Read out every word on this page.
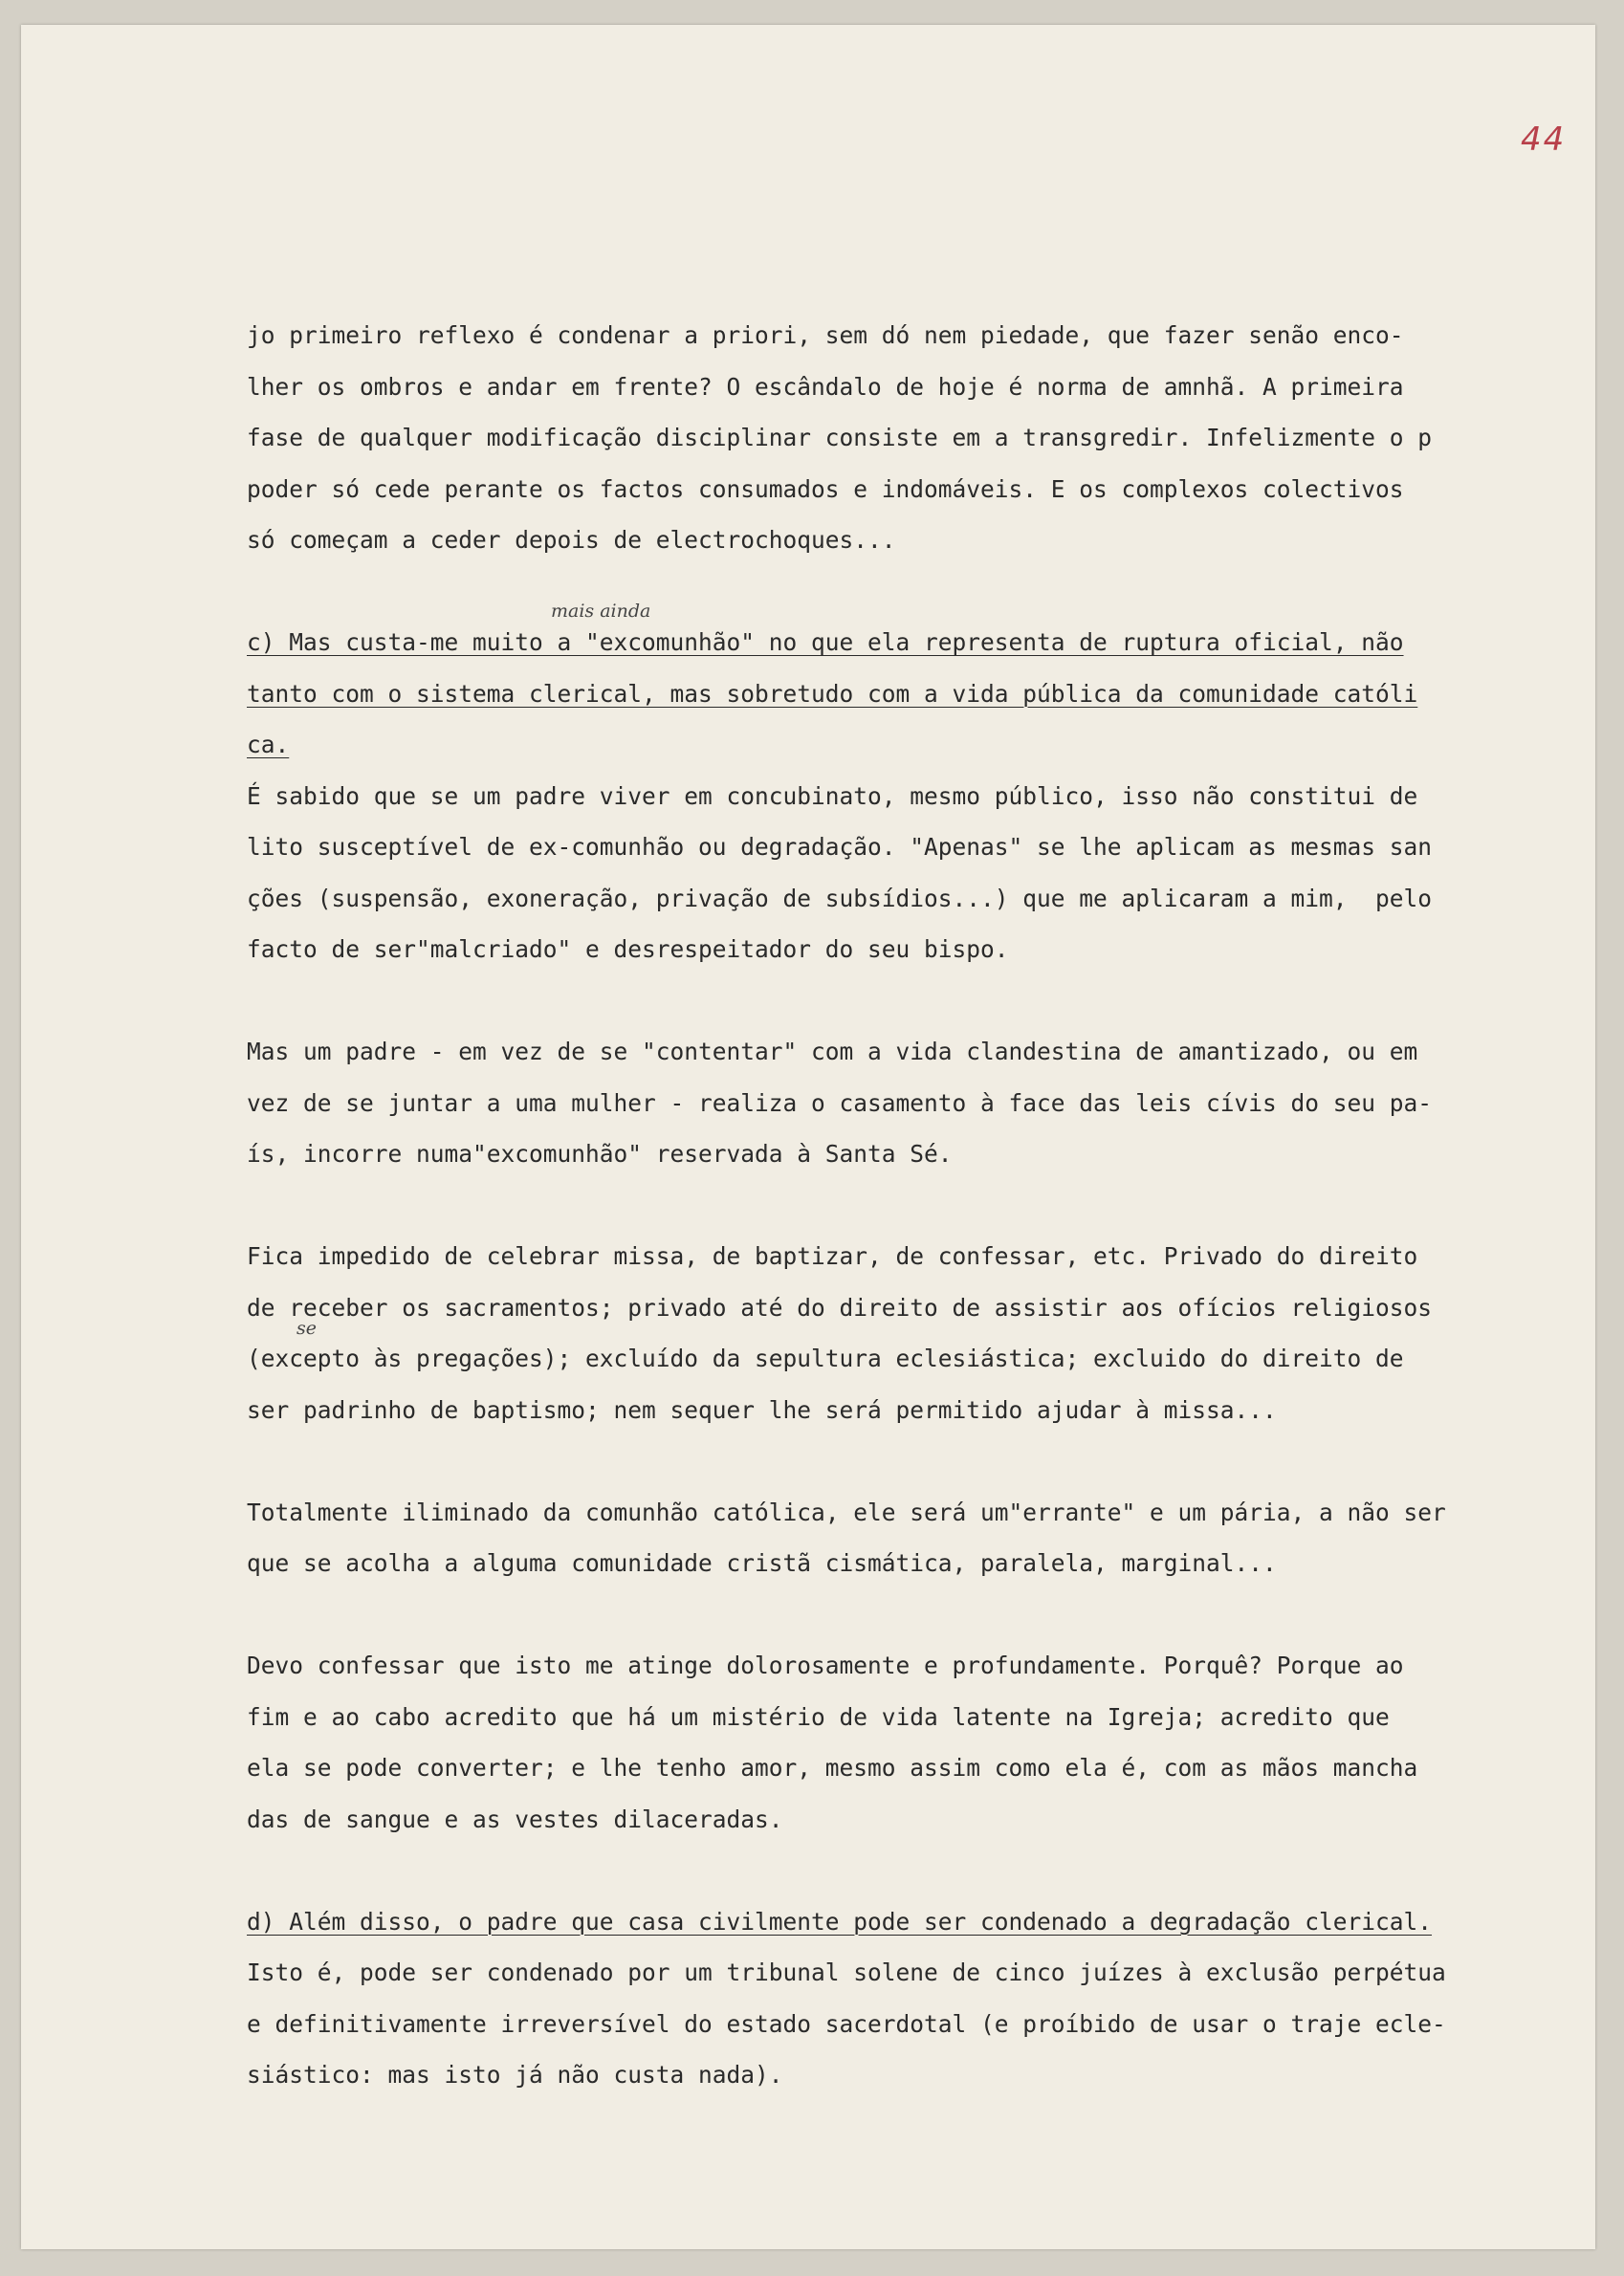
44
mais ainda
se
jo primeiro reflexo é condenar a priori, sem dó nem piedade, que fazer senão enco-
lher os ombros e andar em frente? O escândalo de hoje é norma de amnhã. A primeira
fase de qualquer modificação disciplinar consiste em a transgredir. Infelizmente o p
poder só cede perante os factos consumados e indomáveis. E os complexos colectivos
só começam a ceder depois de electrochoques...
c) Mas custa-me muito a "excomunhão" no que ela representa de ruptura oficial, não
tanto com o sistema clerical, mas sobretudo com a vida pública da comunidade católi
ca.
É sabido que se um padre viver em concubinato, mesmo público, isso não constitui de
lito susceptível de ex-comunhão ou degradação. "Apenas" se lhe aplicam as mesmas san
ções (suspensão, exoneração, privação de subsídios...) que me aplicaram a mim,  pelo
facto de ser"malcriado" e desrespeitador do seu bispo.
Mas um padre - em vez de se "contentar" com a vida clandestina de amantizado, ou em
vez de se juntar a uma mulher - realiza o casamento à face das leis cívis do seu pa-
ís, incorre numa"excomunhão" reservada à Santa Sé.
Fica impedido de celebrar missa, de baptizar, de confessar, etc. Privado do direito
de receber os sacramentos; privado até do direito de assistir aos ofícios religiosos
(excepto às pregações); excluído da sepultura eclesiástica; excluido do direito de
ser padrinho de baptismo; nem sequer lhe será permitido ajudar à missa...
Totalmente iliminado da comunhão católica, ele será um"errante" e um pária, a não ser
que se acolha a alguma comunidade cristã cismática, paralela, marginal...
Devo confessar que isto me atinge dolorosamente e profundamente. Porquê? Porque ao
fim e ao cabo acredito que há um mistério de vida latente na Igreja; acredito que
ela se pode converter; e lhe tenho amor, mesmo assim como ela é, com as mãos mancha
das de sangue e as vestes dilaceradas.
d) Além disso, o padre que casa civilmente pode ser condenado a degradação clerical.
Isto é, pode ser condenado por um tribunal solene de cinco juízes à exclusão perpétua
e definitivamente irreversível do estado sacerdotal (e proíbido de usar o traje ecle-
siástico: mas isto já não custa nada).
